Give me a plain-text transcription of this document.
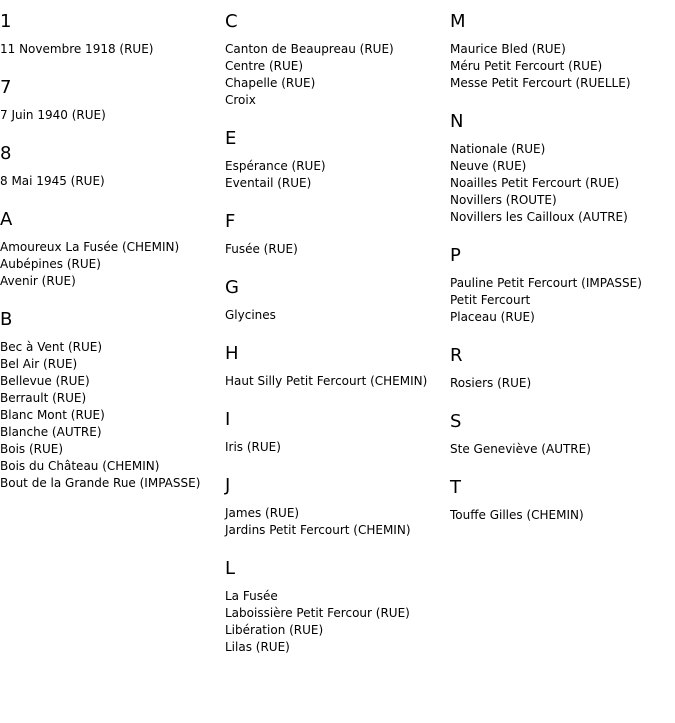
1
11 Novembre 1918 (RUE)
7
7 Juin 1940 (RUE)
8
8 Mai 1945 (RUE)
A
Amoureux La Fusée (CHEMIN)
Aubépines (RUE)
Avenir (RUE)
B
Bec à Vent (RUE)
Bel Air (RUE)
Bellevue (RUE)
Berrault (RUE)
Blanc Mont (RUE)
Blanche (AUTRE)
Bois (RUE)
Bois du Château (CHEMIN)
Bout de la Grande Rue (IMPASSE)
C
Canton de Beaupreau (RUE)
Centre (RUE)
Chapelle (RUE)
Croix
E
Espérance (RUE)
Eventail (RUE)
F
Fusée (RUE)
G
Glycines
H
Haut Silly Petit Fercourt (CHEMIN)
I
Iris (RUE)
J
James (RUE)
Jardins Petit Fercourt (CHEMIN)
L
La Fusée
Laboissière Petit Fercour (RUE)
Libération (RUE)
Lilas (RUE)
M
Maurice Bled (RUE)
Méru Petit Fercourt (RUE)
Messe Petit Fercourt (RUELLE)
N
Nationale (RUE)
Neuve (RUE)
Noailles Petit Fercourt (RUE)
Novillers (ROUTE)
Novillers les Cailloux (AUTRE)
P
Pauline Petit Fercourt (IMPASSE)
Petit Fercourt
Placeau (RUE)
R
Rosiers (RUE)
S
Ste Geneviève (AUTRE)
T
Touffe Gilles (CHEMIN)
